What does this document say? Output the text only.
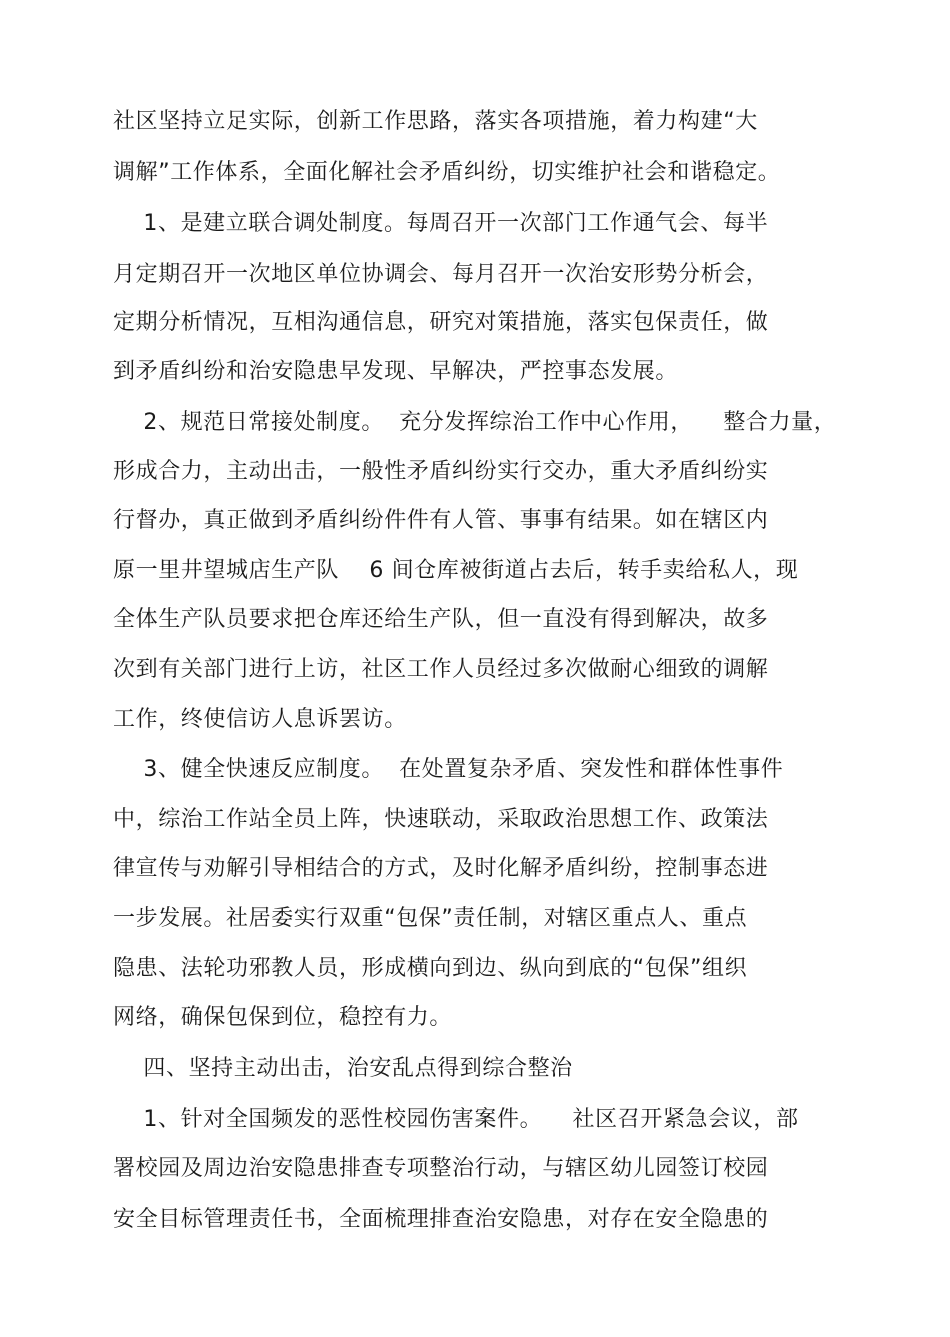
社区坚持立足实际，创新工作思路，落实各项措施，着力构建“大
调解”工作体系，全面化解社会矛盾纠纷，切实维护社会和谐稳定。
1、是建立联合调处制度。每周召开一次部门工作通气会、每半
月定期召开一次地区单位协调会、每月召开一次治安形势分析会，
定期分析情况，互相沟通信息，研究对策措施，落实包保责任，做
到矛盾纠纷和治安隐患早发现、早解决，严控事态发展。
2、规范日常接处制度。  充分发挥综治工作中心作用，    整合力量，
形成合力，主动出击，一般性矛盾纠纷实行交办，重大矛盾纠纷实
行督办，真正做到矛盾纠纷件件有人管、事事有结果。如在辖区内
原一里井望城店生产队    6 间仓库被街道占去后，转手卖给私人，现
全体生产队员要求把仓库还给生产队，但一直没有得到解决，故多
次到有关部门进行上访，社区工作人员经过多次做耐心细致的调解
工作，终使信访人息诉罢访。
3、健全快速反应制度。  在处置复杂矛盾、突发性和群体性事件
中，综治工作站全员上阵，快速联动，采取政治思想工作、政策法
律宣传与劝解引导相结合的方式，及时化解矛盾纠纷，控制事态进
一步发展。社居委实行双重“包保”责任制，对辖区重点人、重点
隐患、法轮功邪教人员，形成横向到边、纵向到底的“包保”组织
网络，确保包保到位，稳控有力。
四、坚持主动出击，治安乱点得到综合整治
1、针对全国频发的恶性校园伤害案件。    社区召开紧急会议，部
署校园及周边治安隐患排查专项整治行动，与辖区幼儿园签订校园
安全目标管理责任书，全面梳理排查治安隐患，对存在安全隐患的
